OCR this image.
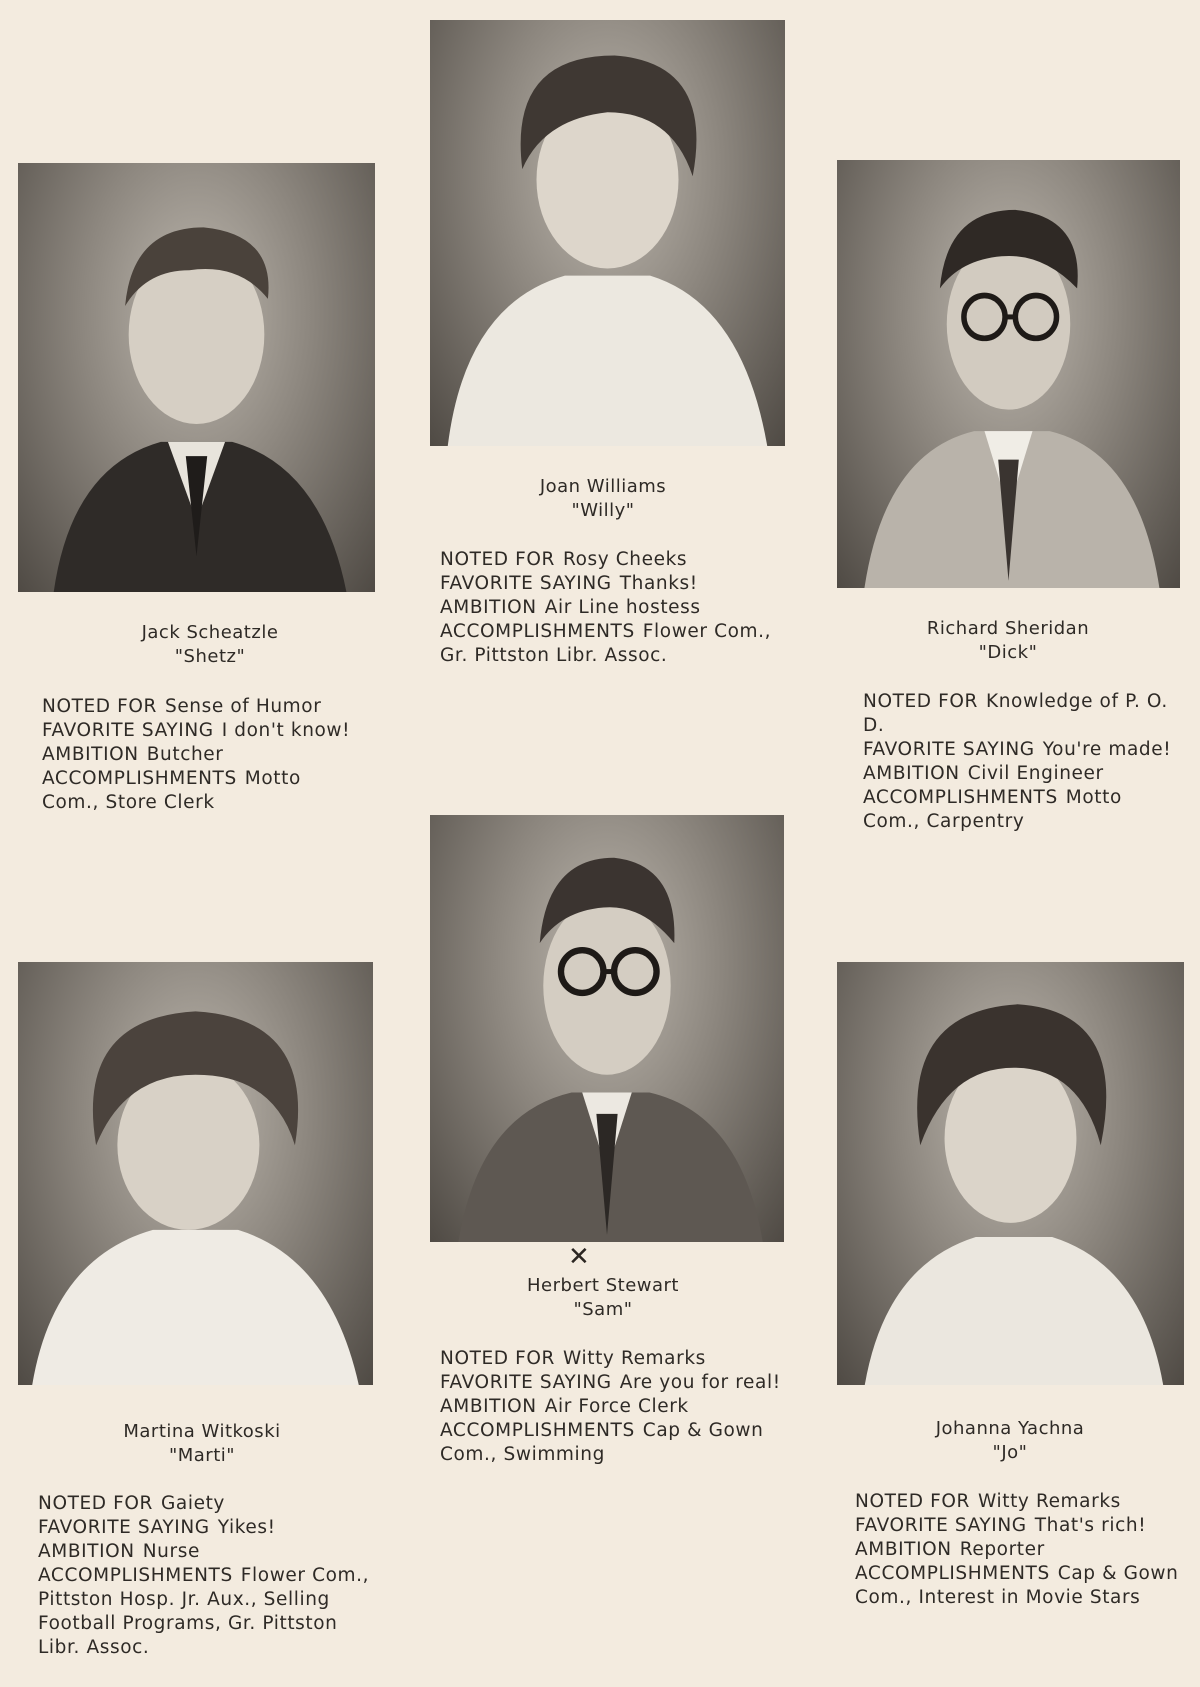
Jack Scheatzle
"Shetz"
NOTED FOR Sense of Humor
FAVORITE SAYING I don't know!
AMBITION Butcher
ACCOMPLISHMENTS Motto Com., Store Clerk
Joan Williams
"Willy"
NOTED FOR Rosy Cheeks
FAVORITE SAYING Thanks!
AMBITION Air Line hostess
ACCOMPLISHMENTS Flower Com., Gr. Pittston Libr. Assoc.
Richard Sheridan
"Dick"
NOTED FOR Knowledge of P. O. D.
FAVORITE SAYING You're made!
AMBITION Civil Engineer
ACCOMPLISHMENTS Motto Com., Carpentry
Martina Witkoski
"Marti"
NOTED FOR Gaiety
FAVORITE SAYING Yikes!
AMBITION Nurse
ACCOMPLISHMENTS Flower Com., Pittston Hosp. Jr. Aux., Selling Football Programs, Gr. Pittston Libr. Assoc.
✕
Herbert Stewart
"Sam"
NOTED FOR Witty Remarks
FAVORITE SAYING Are you for real!
AMBITION Air Force Clerk
ACCOMPLISHMENTS Cap & Gown Com., Swimming
Johanna Yachna
"Jo"
NOTED FOR Witty Remarks
FAVORITE SAYING That's rich!
AMBITION Reporter
ACCOMPLISHMENTS Cap & Gown Com., Interest in Movie Stars
